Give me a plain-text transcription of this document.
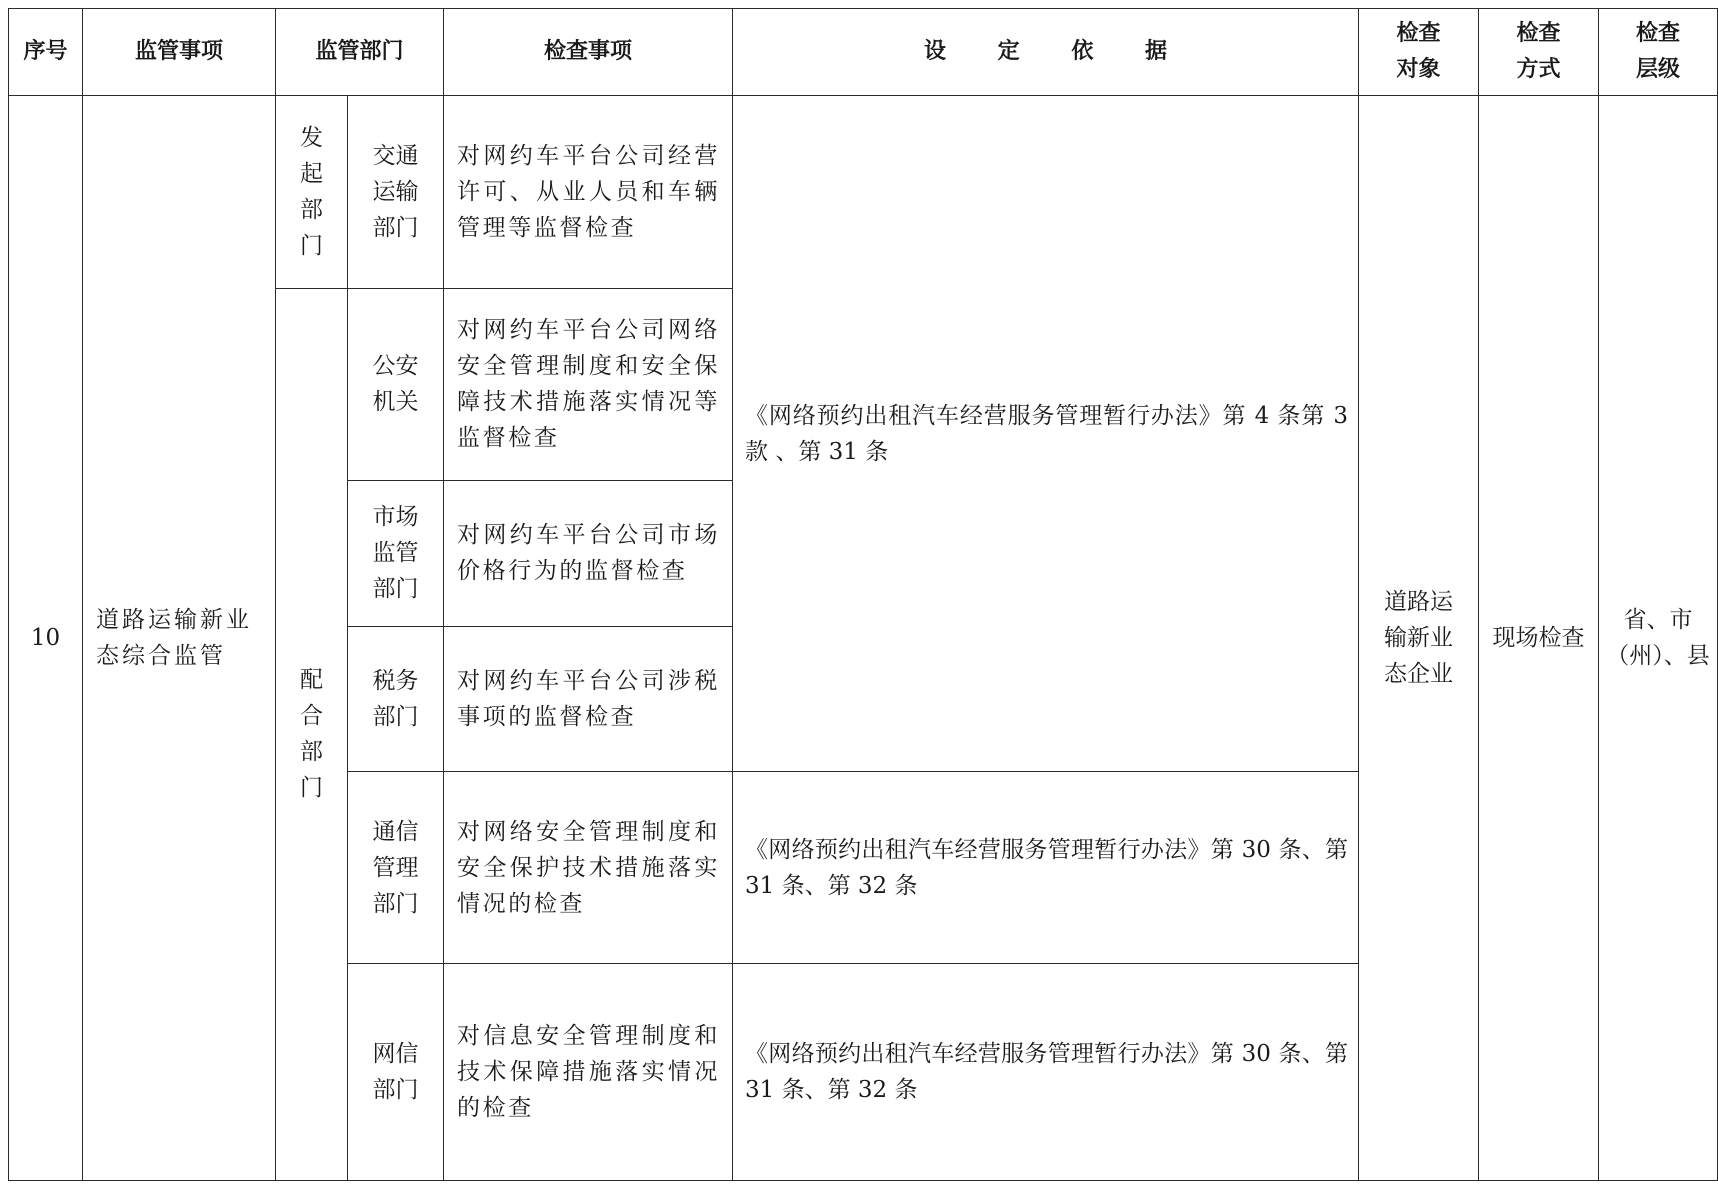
序号	监管事项	监管部门		检查事项	设 定 依 据	检查对象	检查方式	检查层级

10	道路运输新业态综合监管	发起部门	交通运输部门	对网约车平台公司经营许可、从业人员和车辆管理等监督检查	《网络预约出租汽车经营服务管理暂行办法》第 4 条第 3 款 、第 31 条	道路运输新业态企业	现场检查	省、市（州）、县

		配合部门	公安机关	对网约车平台公司网络安全管理制度和安全保障技术措施落实情况等监督检查				

			市场监管部门	对网约车平台公司市场价格行为的监督检查				

			税务部门	对网约车平台公司涉税事项的监督检查				

			通信管理部门	对网络安全管理制度和安全保护技术措施落实情况的检查	《网络预约出租汽车经营服务管理暂行办法》第 30 条、第 31 条、第 32 条			

			网信部门	对信息安全管理制度和技术保障措施落实情况的检查	《网络预约出租汽车经营服务管理暂行办法》第 30 条、第 31 条、第 32 条			
